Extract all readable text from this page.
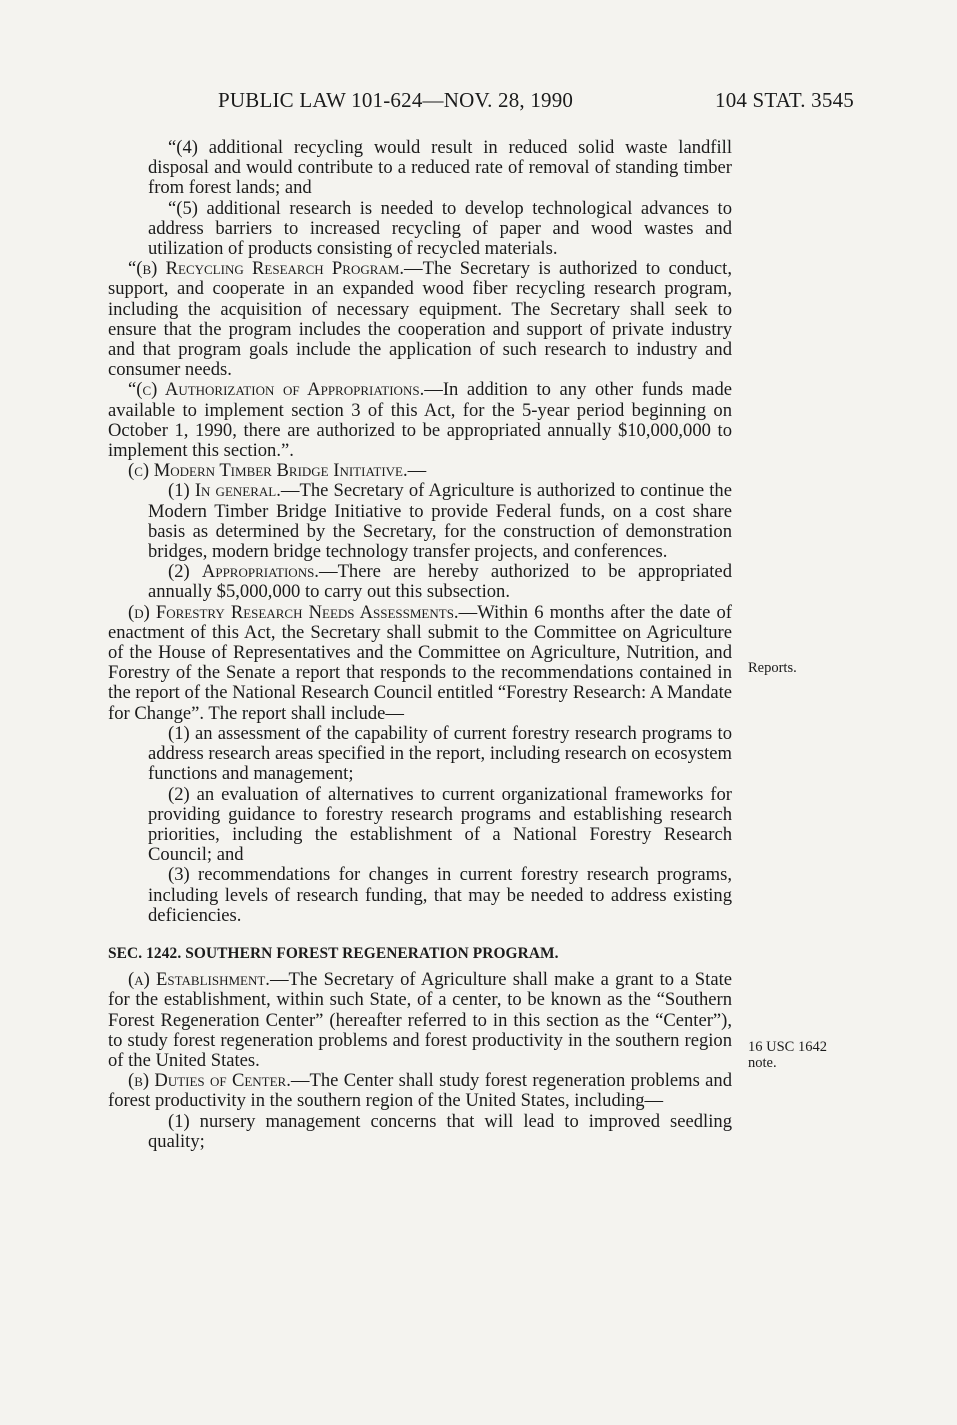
PUBLIC LAW 101-624—NOV. 28, 1990	104 STAT. 3545
Reports.
16 USC 1642
note.

“(4) additional recycling would result in reduced solid waste landfill disposal and would contribute to a reduced rate of removal of standing timber from forest lands; and

“(5) additional research is needed to develop technological advances to address barriers to increased recycling of paper and wood wastes and utilization of products consisting of recycled materials.

“(b) Recycling Research Program.—The Secretary is authorized to conduct, support, and cooperate in an expanded wood fiber recycling research program, including the acquisition of necessary equipment. The Secretary shall seek to ensure that the program includes the cooperation and support of private industry and that program goals include the application of such research to industry and consumer needs.

“(c) Authorization of Appropriations.—In addition to any other funds made available to implement section 3 of this Act, for the 5-year period beginning on October 1, 1990, there are authorized to be appropriated annually $10,000,000 to implement this section.”.

(c) Modern Timber Bridge Initiative.—

(1) In general.—The Secretary of Agriculture is authorized to continue the Modern Timber Bridge Initiative to provide Federal funds, on a cost share basis as determined by the Secretary, for the construction of demonstration bridges, modern bridge technology transfer projects, and conferences.

(2) Appropriations.—There are hereby authorized to be appropriated annually $5,000,000 to carry out this subsection.

(d) Forestry Research Needs Assessments.—Within 6 months after the date of enactment of this Act, the Secretary shall submit to the Committee on Agriculture of the House of Representatives and the Committee on Agriculture, Nutrition, and Forestry of the Senate a report that responds to the recommendations contained in the report of the National Research Council entitled “Forestry Research: A Mandate for Change”. The report shall include—

(1) an assessment of the capability of current forestry research programs to address research areas specified in the report, including research on ecosystem functions and management;

(2) an evaluation of alternatives to current organizational frameworks for providing guidance to forestry research programs and establishing research priorities, including the establishment of a National Forestry Research Council; and

(3) recommendations for changes in current forestry research programs, including levels of research funding, that may be needed to address existing deficiencies.

SEC. 1242. SOUTHERN FOREST REGENERATION PROGRAM.

(a) Establishment.—The Secretary of Agriculture shall make a grant to a State for the establishment, within such State, of a center, to be known as the “Southern Forest Regeneration Center” (hereafter referred to in this section as the “Center”), to study forest regeneration problems and forest productivity in the southern region of the United States.

(b) Duties of Center.—The Center shall study forest regeneration problems and forest productivity in the southern region of the United States, including—

(1) nursery management concerns that will lead to improved seedling quality;
